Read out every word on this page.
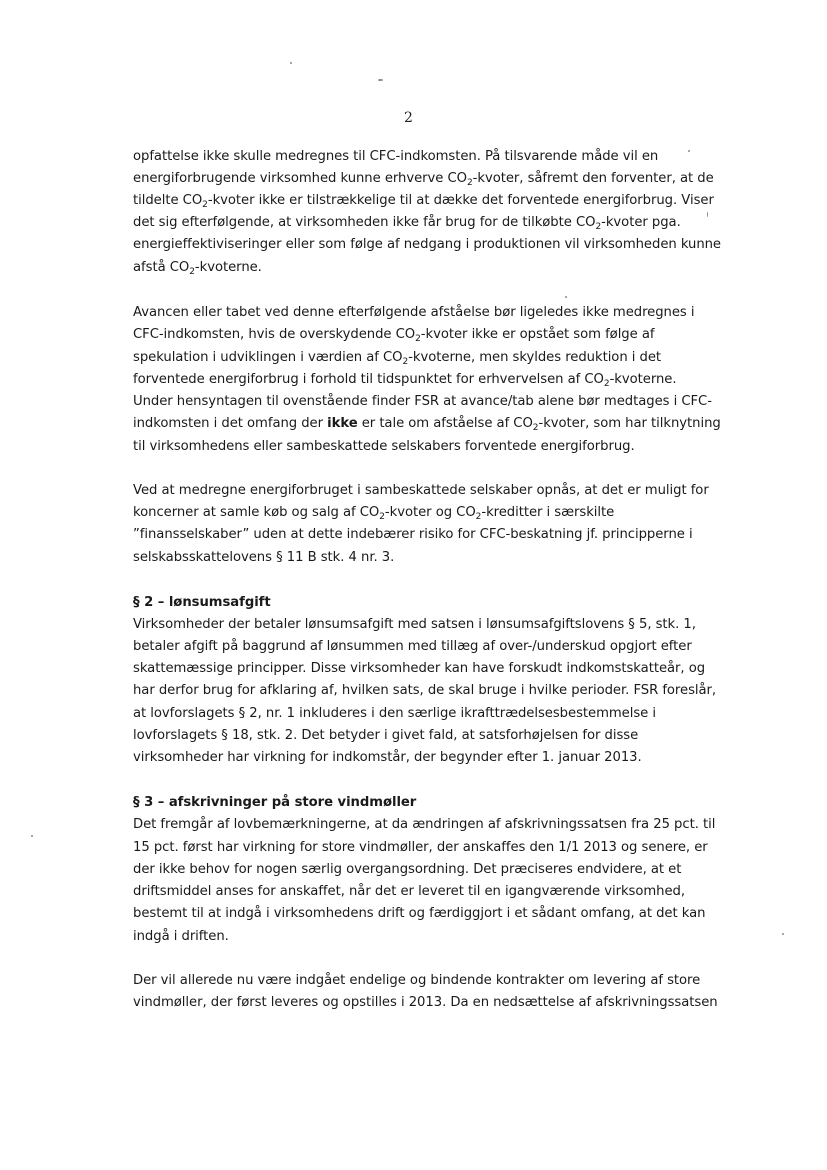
2
opfattelse ikke skulle medregnes til CFC-indkomsten. På tilsvarende måde vil en
energiforbrugende virksomhed kunne erhverve $CO_2$-kvoter, såfremt den forventer, at de
tildelte $CO_2$-kvoter ikke er tilstrækkelige til at dække det forventede energiforbrug. Viser
det sig efterfølgende, at virksomheden ikke får brug for de tilkøbte $CO_2$-kvoter pga.
energieffektiviseringer eller som følge af nedgang i produktionen vil virksomheden kunne
afstå $CO_2$-kvoterne.
Avancen eller tabet ved denne efterfølgende afståelse bør ligeledes ikke medregnes i
CFC-indkomsten, hvis de overskydende $CO_2$-kvoter ikke er opstået som følge af
spekulation i udviklingen i værdien af $CO_2$-kvoterne, men skyldes reduktion i det
forventede energiforbrug i forhold til tidspunktet for erhvervelsen af $CO_2$-kvoterne.
Under hensyntagen til ovenstående finder FSR at avance/tab alene bør medtages i CFC-
indkomsten i det omfang der ikke er tale om afståelse af $CO_2$-kvoter, som har tilknytning
til virksomhedens eller sambeskattede selskabers forventede energiforbrug.
Ved at medregne energiforbruget i sambeskattede selskaber opnås, at det er muligt for
koncerner at samle køb og salg af $CO_2$-kvoter og $CO_2$-kreditter i særskilte
”finansselskaber” uden at dette indebærer risiko for CFC-beskatning jf. principperne i
selskabsskattelovens § 11 B stk. 4 nr. 3.
§ 2 – lønsumsafgift
Virksomheder der betaler lønsumsafgift med satsen i lønsumsafgiftslovens § 5, stk. 1,
betaler afgift på baggrund af lønsummen med tillæg af over-/underskud opgjort efter
skattemæssige principper. Disse virksomheder kan have forskudt indkomstskatteår, og
har derfor brug for afklaring af, hvilken sats, de skal bruge i hvilke perioder. FSR foreslår,
at lovforslagets § 2, nr. 1 inkluderes i den særlige ikrafttrædelsesbestemmelse i
lovforslagets § 18, stk. 2. Det betyder i givet fald, at satsforhøjelsen for disse
virksomheder har virkning for indkomstår, der begynder efter 1. januar 2013.
§ 3 – afskrivninger på store vindmøller
Det fremgår af lovbemærkningerne, at da ændringen af afskrivningssatsen fra 25 pct. til
15 pct. først har virkning for store vindmøller, der anskaffes den 1/1 2013 og senere, er
der ikke behov for nogen særlig overgangsordning. Det præciseres endvidere, at et
driftsmiddel anses for anskaffet, når det er leveret til en igangværende virksomhed,
bestemt til at indgå i virksomhedens drift og færdiggjort i et sådant omfang, at det kan
indgå i driften.
Der vil allerede nu være indgået endelige og bindende kontrakter om levering af store
vindmøller, der først leveres og opstilles i 2013. Da en nedsættelse af afskrivningssatsen
